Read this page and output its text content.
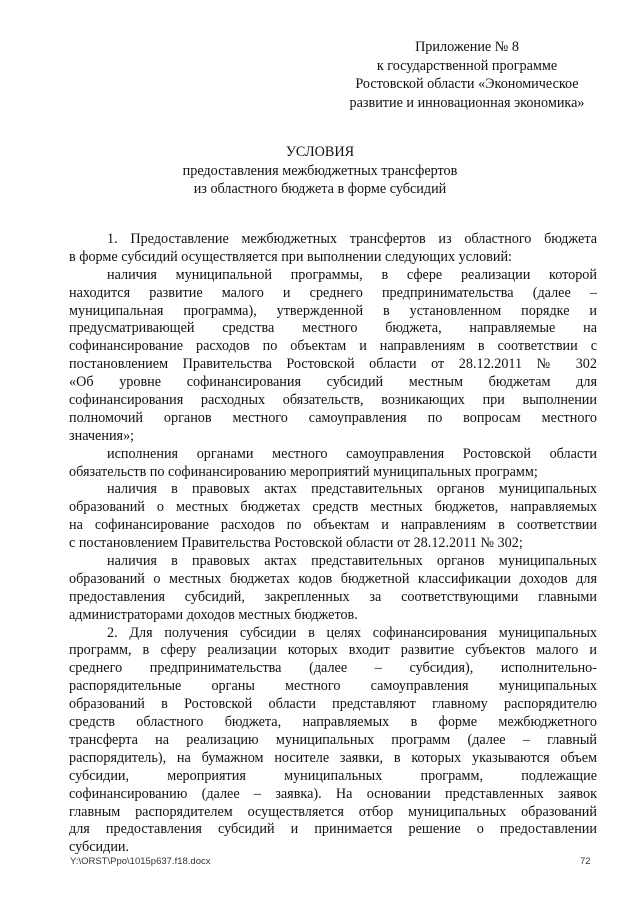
Приложение № 8
к государственной программе
Ростовской области «Экономическое
развитие и инновационная экономика»
УСЛОВИЯ
предоставления межбюджетных трансфертов
из областного бюджета в форме субсидий
1. Предоставление межбюджетных трансфертов из областного бюджета
в форме субсидий осуществляется при выполнении следующих условий:
наличия муниципальной программы, в сфере реализации которой
находится развитие малого и среднего предпринимательства (далее –
муниципальная программа), утвержденной в установленном порядке и
предусматривающей средства местного бюджета, направляемые на
софинансирование расходов по объектам и направлениям в соответствии с
постановлением Правительства Ростовской области от 28.12.2011 № 302
«Об уровне софинансирования субсидий местным бюджетам для
софинансирования расходных обязательств, возникающих при выполнении
полномочий органов местного самоуправления по вопросам местного
значения»;
исполнения органами местного самоуправления Ростовской области
обязательств по софинансированию мероприятий муниципальных программ;
наличия в правовых актах представительных органов муниципальных
образований о местных бюджетах средств местных бюджетов, направляемых
на софинансирование расходов по объектам и направлениям в соответствии
с постановлением Правительства Ростовской области от 28.12.2011 № 302;
наличия в правовых актах представительных органов муниципальных
образований о местных бюджетах кодов бюджетной классификации доходов для
предоставления субсидий, закрепленных за соответствующими главными
администраторами доходов местных бюджетов.
2. Для получения субсидии в целях софинансирования муниципальных
программ, в сферу реализации которых входит развитие субъектов малого и
среднего предпринимательства (далее – субсидия), исполнительно-
распорядительные органы местного самоуправления муниципальных
образований в Ростовской области представляют главному распорядителю
средств областного бюджета, направляемых в форме межбюджетного
трансферта на реализацию муниципальных программ (далее – главный
распорядитель), на бумажном носителе заявки, в которых указываются объем
субсидии, мероприятия муниципальных программ, подлежащие
софинансированию (далее – заявка). На основании представленных заявок
главным распорядителем осуществляется отбор муниципальных образований
для предоставления субсидий и принимается решение о предоставлении
субсидии.
Y:\ORST\Ppo\1015p637.f18.docx	72
